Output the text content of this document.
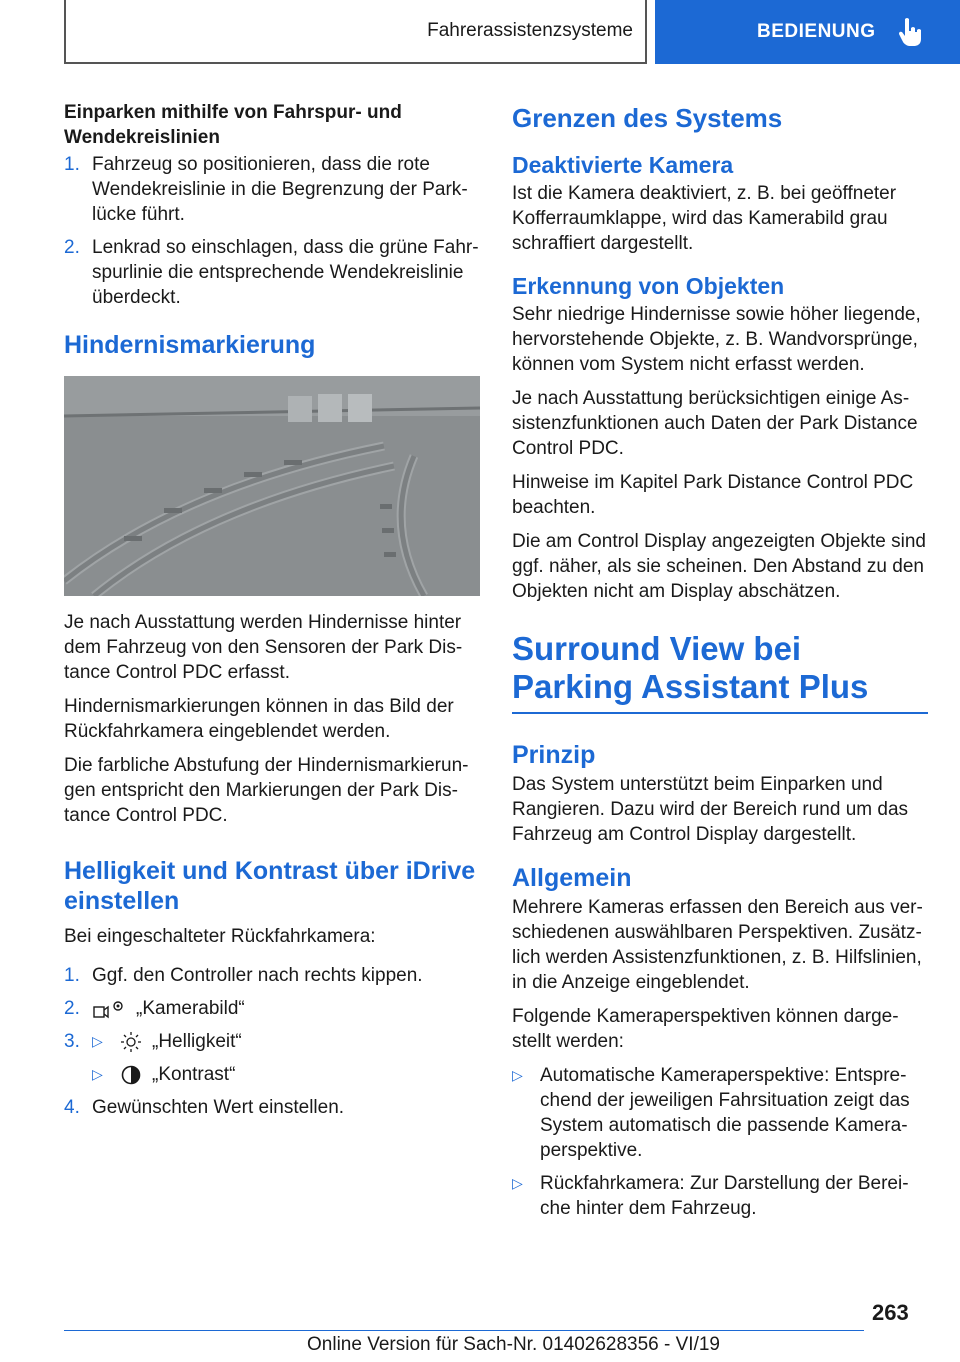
Fahrerassistenzsysteme	BEDIENUNG
Einparken mithilfe von Fahrspur- und Wendekreislinien
1. Fahrzeug so positionieren, dass die rote Wendekreislinie in die Begrenzung der Parklücke führt.
2. Lenkrad so einschlagen, dass die grüne Fahrspurlinie die entsprechende Wendekreislinie überdeckt.
Hindernismarkierung

Je nach Ausstattung werden Hindernisse hinter dem Fahrzeug von den Sensoren der Park Distance Control PDC erfasst.

Hindernismarkierungen können in das Bild der Rückfahrkamera eingeblendet werden.

Die farbliche Abstufung der Hindernismarkierungen entspricht den Markierungen der Park Distance Control PDC.

Helligkeit und Kontrast über iDrive einstellen

Bei eingeschalteter Rückfahrkamera:

1. Ggf. den Controller nach rechts kippen.
2.	„Kamerabild“
3. ▷	„Helligkeit“
▷	„Kontrast“
4. Gewünschten Wert einstellen.
Grenzen des Systems
Deaktivierte Kamera

Ist die Kamera deaktiviert, z. B. bei geöffneter Kofferraumklappe, wird das Kamerabild grau schraffiert dargestellt.

Erkennung von Objekten

Sehr niedrige Hindernisse sowie höher liegende, hervorstehende Objekte, z. B. Wandvorsprünge, können vom System nicht erfasst werden.

Je nach Ausstattung berücksichtigen einige Assistenzfunktionen auch Daten der Park Distance Control PDC.

Hinweise im Kapitel Park Distance Control PDC beachten.

Die am Control Display angezeigten Objekte sind ggf. näher, als sie scheinen. Den Abstand zu den Objekten nicht am Display abschätzen.

Surround View bei Parking Assistant Plus
Prinzip

Das System unterstützt beim Einparken und Rangieren. Dazu wird der Bereich rund um das Fahrzeug am Control Display dargestellt.

Allgemein

Mehrere Kameras erfassen den Bereich aus verschiedenen auswählbaren Perspektiven. Zusätzlich werden Assistenzfunktionen, z. B. Hilfslinien, in die Anzeige eingeblendet.

Folgende Kameraperspektiven können dargestellt werden:

▷ Automatische Kameraperspektive: Entsprechend der jeweiligen Fahrsituation zeigt das System automatisch die passende Kameraperspektive.
▷ Rückfahrkamera: Zur Darstellung der Bereiche hinter dem Fahrzeug.
263
Online Version für Sach-Nr. 01402628356 - VI/19
